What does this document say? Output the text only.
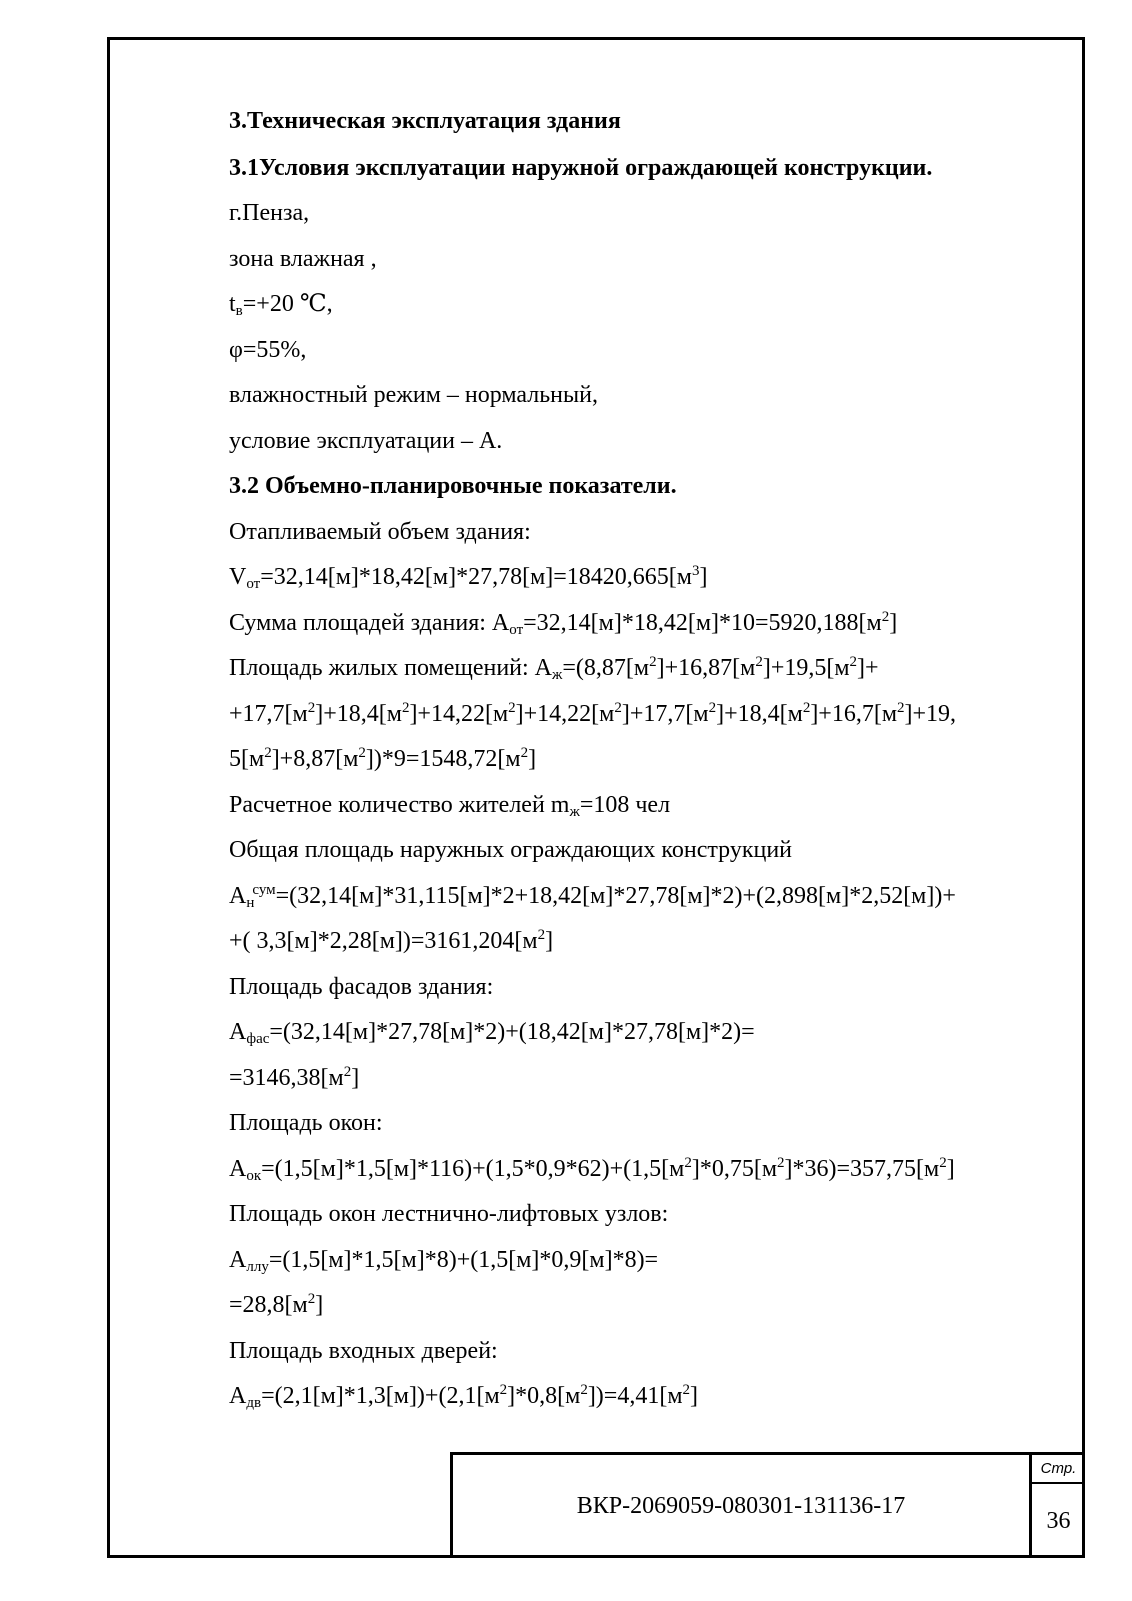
3.Техническая эксплуатация здания
3.1Условия эксплуатации наружной ограждающей конструкции.
г.Пенза,
зона влажная ,
$t_в=+20$ ℃,
φ=55%,
влажностный режим – нормальный,
условие эксплуатации – А.
3.2 Объемно-планировочные показатели.
Отапливаемый объем здания:
$V_{от}=32,14[м]*18,42[м]*27,78[м]=18420,665[м^3]$
Сумма площадей здания: $А_{от}=32,14[м]*18,42[м]*10=5920,188[м^2]$
Площадь жилых помещений: $А_ж=(8,87[м^2]+16,87[м^2]+19,5[м^2]+$
$+17,7[м^2]+18,4[м^2]+14,22[м^2]+14,22[м^2]+17,7[м^2]+18,4[м^2]+16,7[м^2]+19$,
$5[м^2]+8,87[м^2])*9=1548,72[м^2]$
Расчетное количество жителей $m_ж=108$ чел
Общая площадь наружных ограждающих конструкций
$А_н^{сум}=(32,14[м]*31,115[м]*2+18,42[м]*27,78[м]*2)+(2,898[м]*2,52[м])+$
+( $3,3[м]*2,28[м])=3161,204[м^2]$
Площадь фасадов здания:
$А_{фас}=(32,14[м]*27,78[м]*2)+(18,42[м]*27,78[м]*2)=$
$=3146,38[м^2]$
Площадь окон:
$А_{ок}=(1,5[м]*1,5[м]*116)+(1,5*0,9*62)+(1,5[м^2]*0,75[м^2]*36)=357,75[м^2]$
Площадь окон лестнично-лифтовых узлов:
$А_{ллу}=(1,5[м]*1,5[м]*8)+(1,5[м]*0,9[м]*8)=$
$=28,8[м^2]$
Площадь входных дверей:
$А_{дв}=(2,1[м]*1,3[м])+(2,1[м^2]*0,8[м^2])=4,41[м^2]$
ВКР-2069059-080301-131136-17
Стр.
36
